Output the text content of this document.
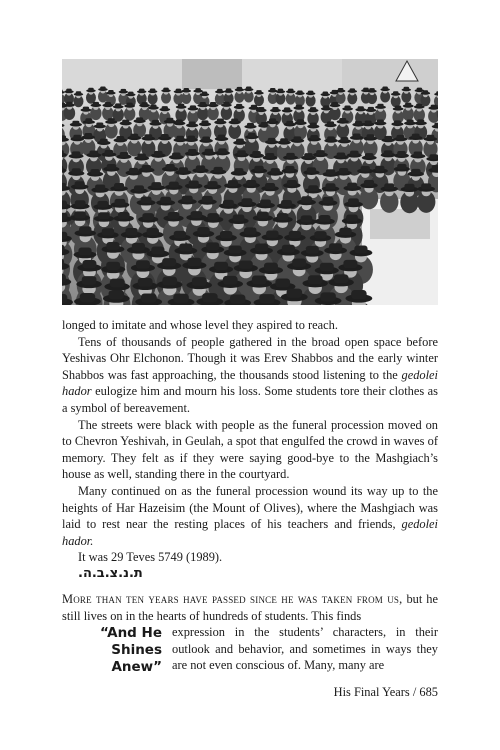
longed to imitate and whose level they aspired to reach.

Tens of thousands of people gathered in the broad open space before Yeshivas Ohr Elchonon. Though it was Erev Shabbos and the early winter Shabbos was fast approaching, the thousands stood listening to the gedolei hador eulogize him and mourn his loss. Some students tore their clothes as a symbol of bereavement.

The streets were black with people as the funeral procession moved on to Chevron Yeshivah, in Geulah, a spot that engulfed the crowd in waves of memory. They felt as if they were saying good-bye to the Mashgiach’s house as well, standing there in the courtyard.

Many continued on as the funeral procession wound its way up to the heights of Har Hazeisim (the Mount of Olives), where the Mashgiach was laid to rest near the resting places of his teachers and friends, gedolei hador.

It was 29 Teves 5749 (1989).

ת.נ.צ.ב.ה.

More than ten years have passed since he was taken from us, but he still lives on in the hearts of hundreds of students. This finds

“And He
Shines Anew”
expression in the students’ characters, in their outlook and behavior, and sometimes in ways they are not even conscious of. Many, many are

His Final Years / 685
